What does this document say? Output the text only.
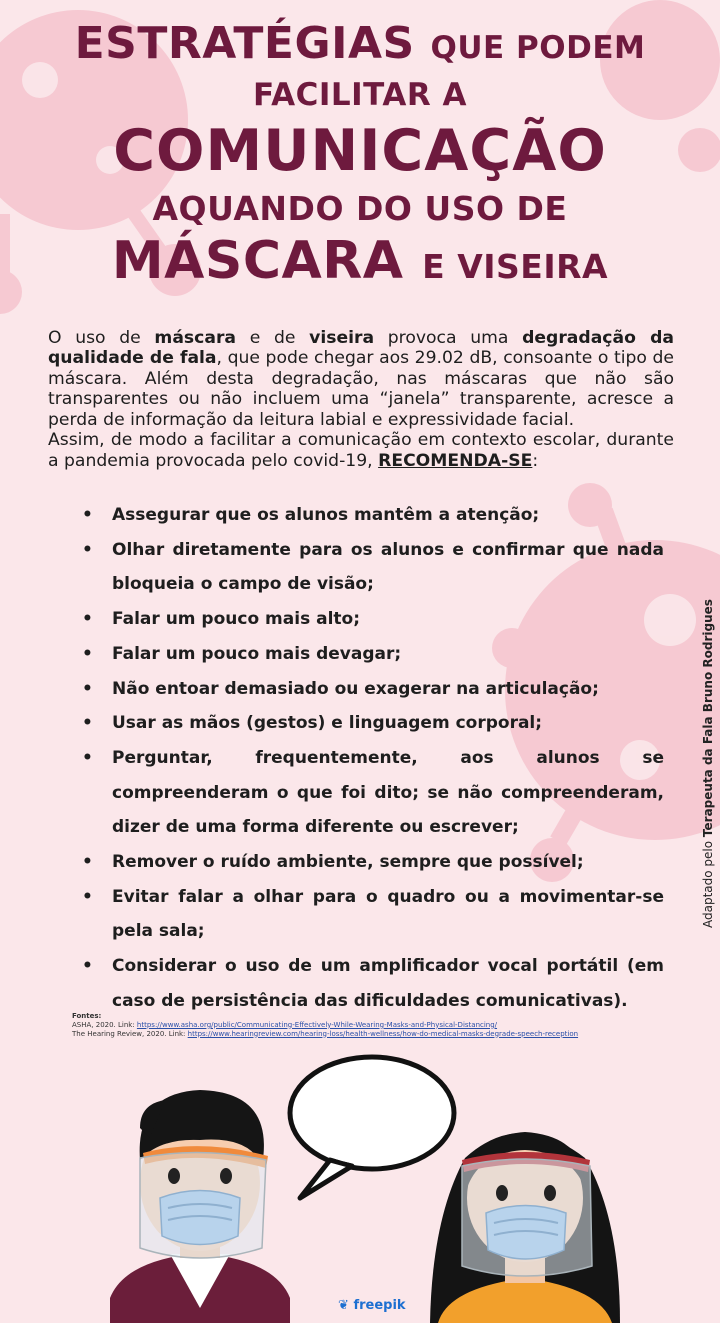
ESTRATÉGIAS QUE PODEM
FACILITAR A
COMUNICAÇÃO
AQUANDO DO USO DE
MÁSCARA E VISEIRA

O uso de máscara e de viseira provoca uma degradação da qualidade de fala, que pode chegar aos 29.02 dB, consoante o tipo de máscara. Além desta degradação, nas máscaras que não são transparentes ou não incluem uma “janela” transparente, acresce a perda de informação da leitura labial e expressividade facial.

Assim, de modo a facilitar a comunicação em contexto escolar, durante a pandemia provocada pelo covid-19, RECOMENDA-SE:

• Assegurar que os alunos mantêm a atenção;
• Olhar diretamente para os alunos e confirmar que nada bloqueia o campo de visão;
• Falar um pouco mais alto;
• Falar um pouco mais devagar;
• Não entoar demasiado ou exagerar na articulação;
• Usar as mãos (gestos) e linguagem corporal;
• Perguntar, frequentemente, aos alunos se compreenderam o que foi dito; se não compreenderam, dizer de uma forma diferente ou escrever;
• Remover o ruído ambiente, sempre que possível;
• Evitar falar a olhar para o quadro ou a movimentar-se pela sala;
• Considerar o uso de um amplificador vocal portátil (em caso de persistência das dificuldades comunicativas).
Fontes:
ASHA, 2020. Link: https://www.asha.org/public/Communicating-Effectively-While-Wearing-Masks-and-Physical-Distancing/
The Hearing Review, 2020. Link: https://www.hearingreview.com/hearing-loss/health-wellness/how-do-medical-masks-degrade-speech-reception
Adaptado pelo Terapeuta da Fala Bruno Rodrigues
❦ freepik
